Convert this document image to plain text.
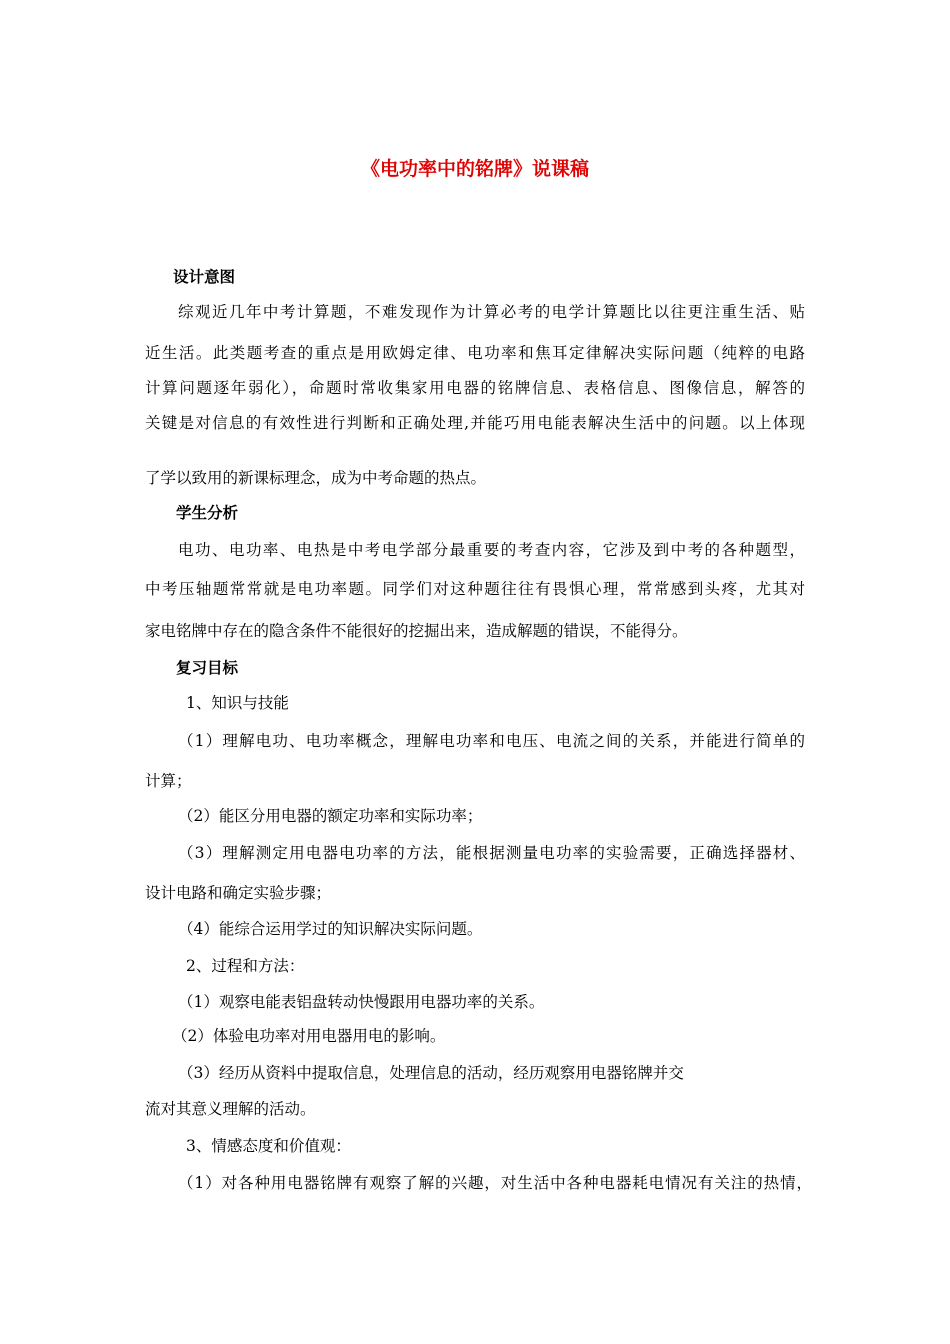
《电功率中的铭牌》说课稿

设计意图

综观近几年中考计算题，不难发现作为计算必考的电学计算题比以往更注重生活、贴

近生活。此类题考查的重点是用欧姆定律、电功率和焦耳定律解决实际问题（纯粹的电路

计算问题逐年弱化），命题时常收集家用电器的铭牌信息、表格信息、图像信息，解答的

关键是对信息的有效性进行判断和正确处理,并能巧用电能表解决生活中的问题。以上体现

了学以致用的新课标理念，成为中考命题的热点。

学生分析

电功、电功率、电热是中考电学部分最重要的考查内容，它涉及到中考的各种题型，

中考压轴题常常就是电功率题。同学们对这种题往往有畏惧心理，常常感到头疼，尤其对

家电铭牌中存在的隐含条件不能很好的挖掘出来，造成解题的错误，不能得分。

复习目标

1、知识与技能

（1）理解电功、电功率概念，理解电功率和电压、电流之间的关系，并能进行简单的

计算；

（2）能区分用电器的额定功率和实际功率；

（3）理解测定用电器电功率的方法，能根据测量电功率的实验需要，正确选择器材、

设计电路和确定实验步骤；

（4）能综合运用学过的知识解决实际问题。

2、过程和方法：

（1）观察电能表铝盘转动快慢跟用电器功率的关系。

（2）体验电功率对用电器用电的影响。

（3）经历从资料中提取信息，处理信息的活动，经历观察用电器铭牌并交

流对其意义理解的活动。

3、情感态度和价值观：

（1）对各种用电器铭牌有观察了解的兴趣，对生活中各种电器耗电情况有关注的热情，
